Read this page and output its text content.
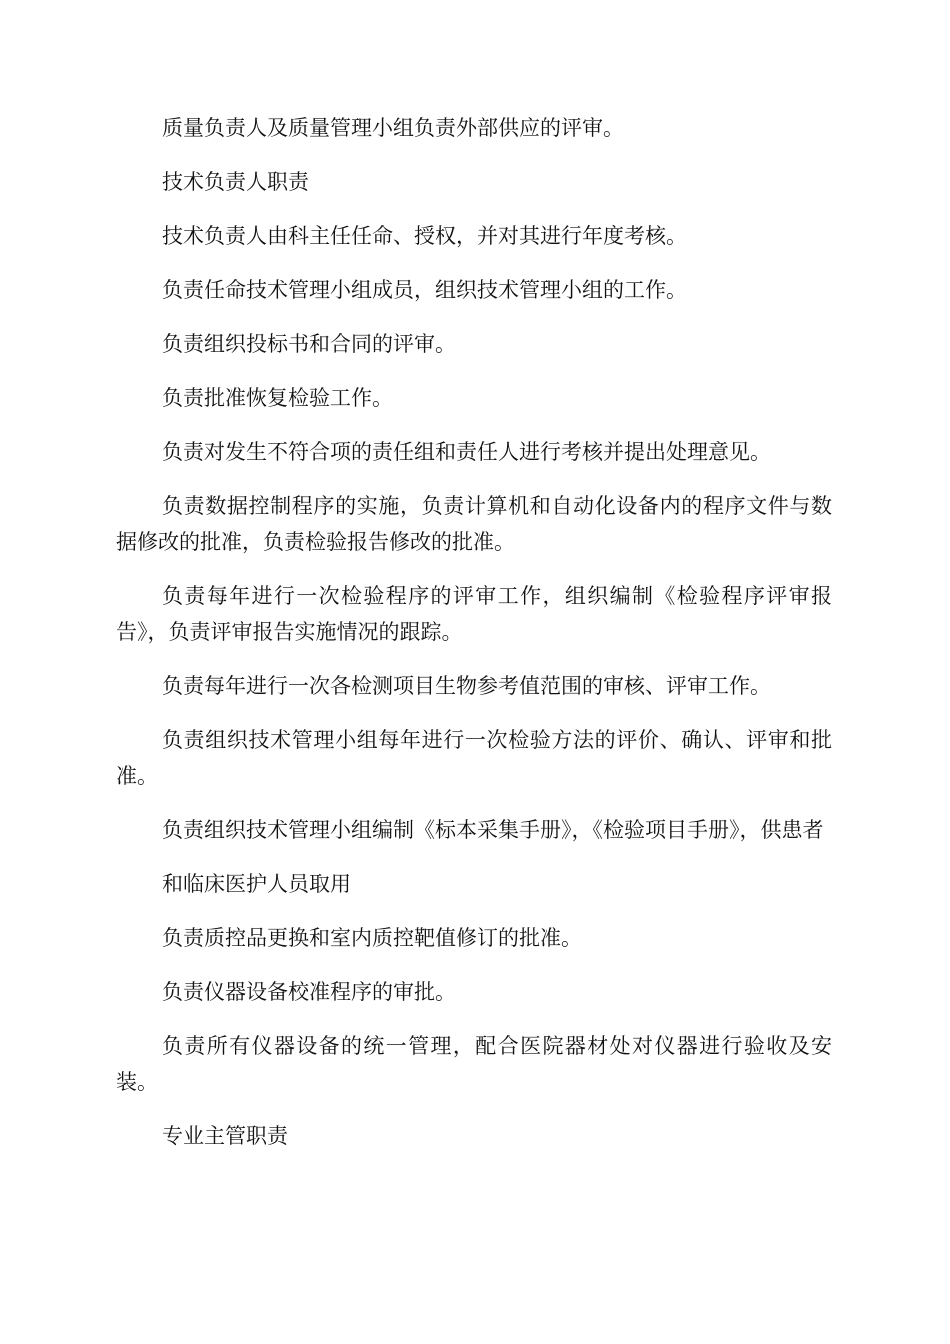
质量负责人及质量管理小组负责外部供应的评审。

技术负责人职责

技术负责人由科主任任命、授权，并对其进行年度考核。

负责任命技术管理小组成员，组织技术管理小组的工作。

负责组织投标书和合同的评审。

负责批准恢复检验工作。

负责对发生不符合项的责任组和责任人进行考核并提出处理意见。

负责数据控制程序的实施，负责计算机和自动化设备内的程序文件与数据修改的批准，负责检验报告修改的批准。

负责每年进行一次检验程序的评审工作，组织编制《检验程序评审报告》，负责评审报告实施情况的跟踪。

负责每年进行一次各检测项目生物参考值范围的审核、评审工作。

负责组织技术管理小组每年进行一次检验方法的评价、确认、评审和批准。

负责组织技术管理小组编制《标本采集手册》，《检验项目手册》，供患者

和临床医护人员取用

负责质控品更换和室内质控靶值修订的批准。

负责仪器设备校准程序的审批。

负责所有仪器设备的统一管理，配合医院器材处对仪器进行验收及安装。

专业主管职责
